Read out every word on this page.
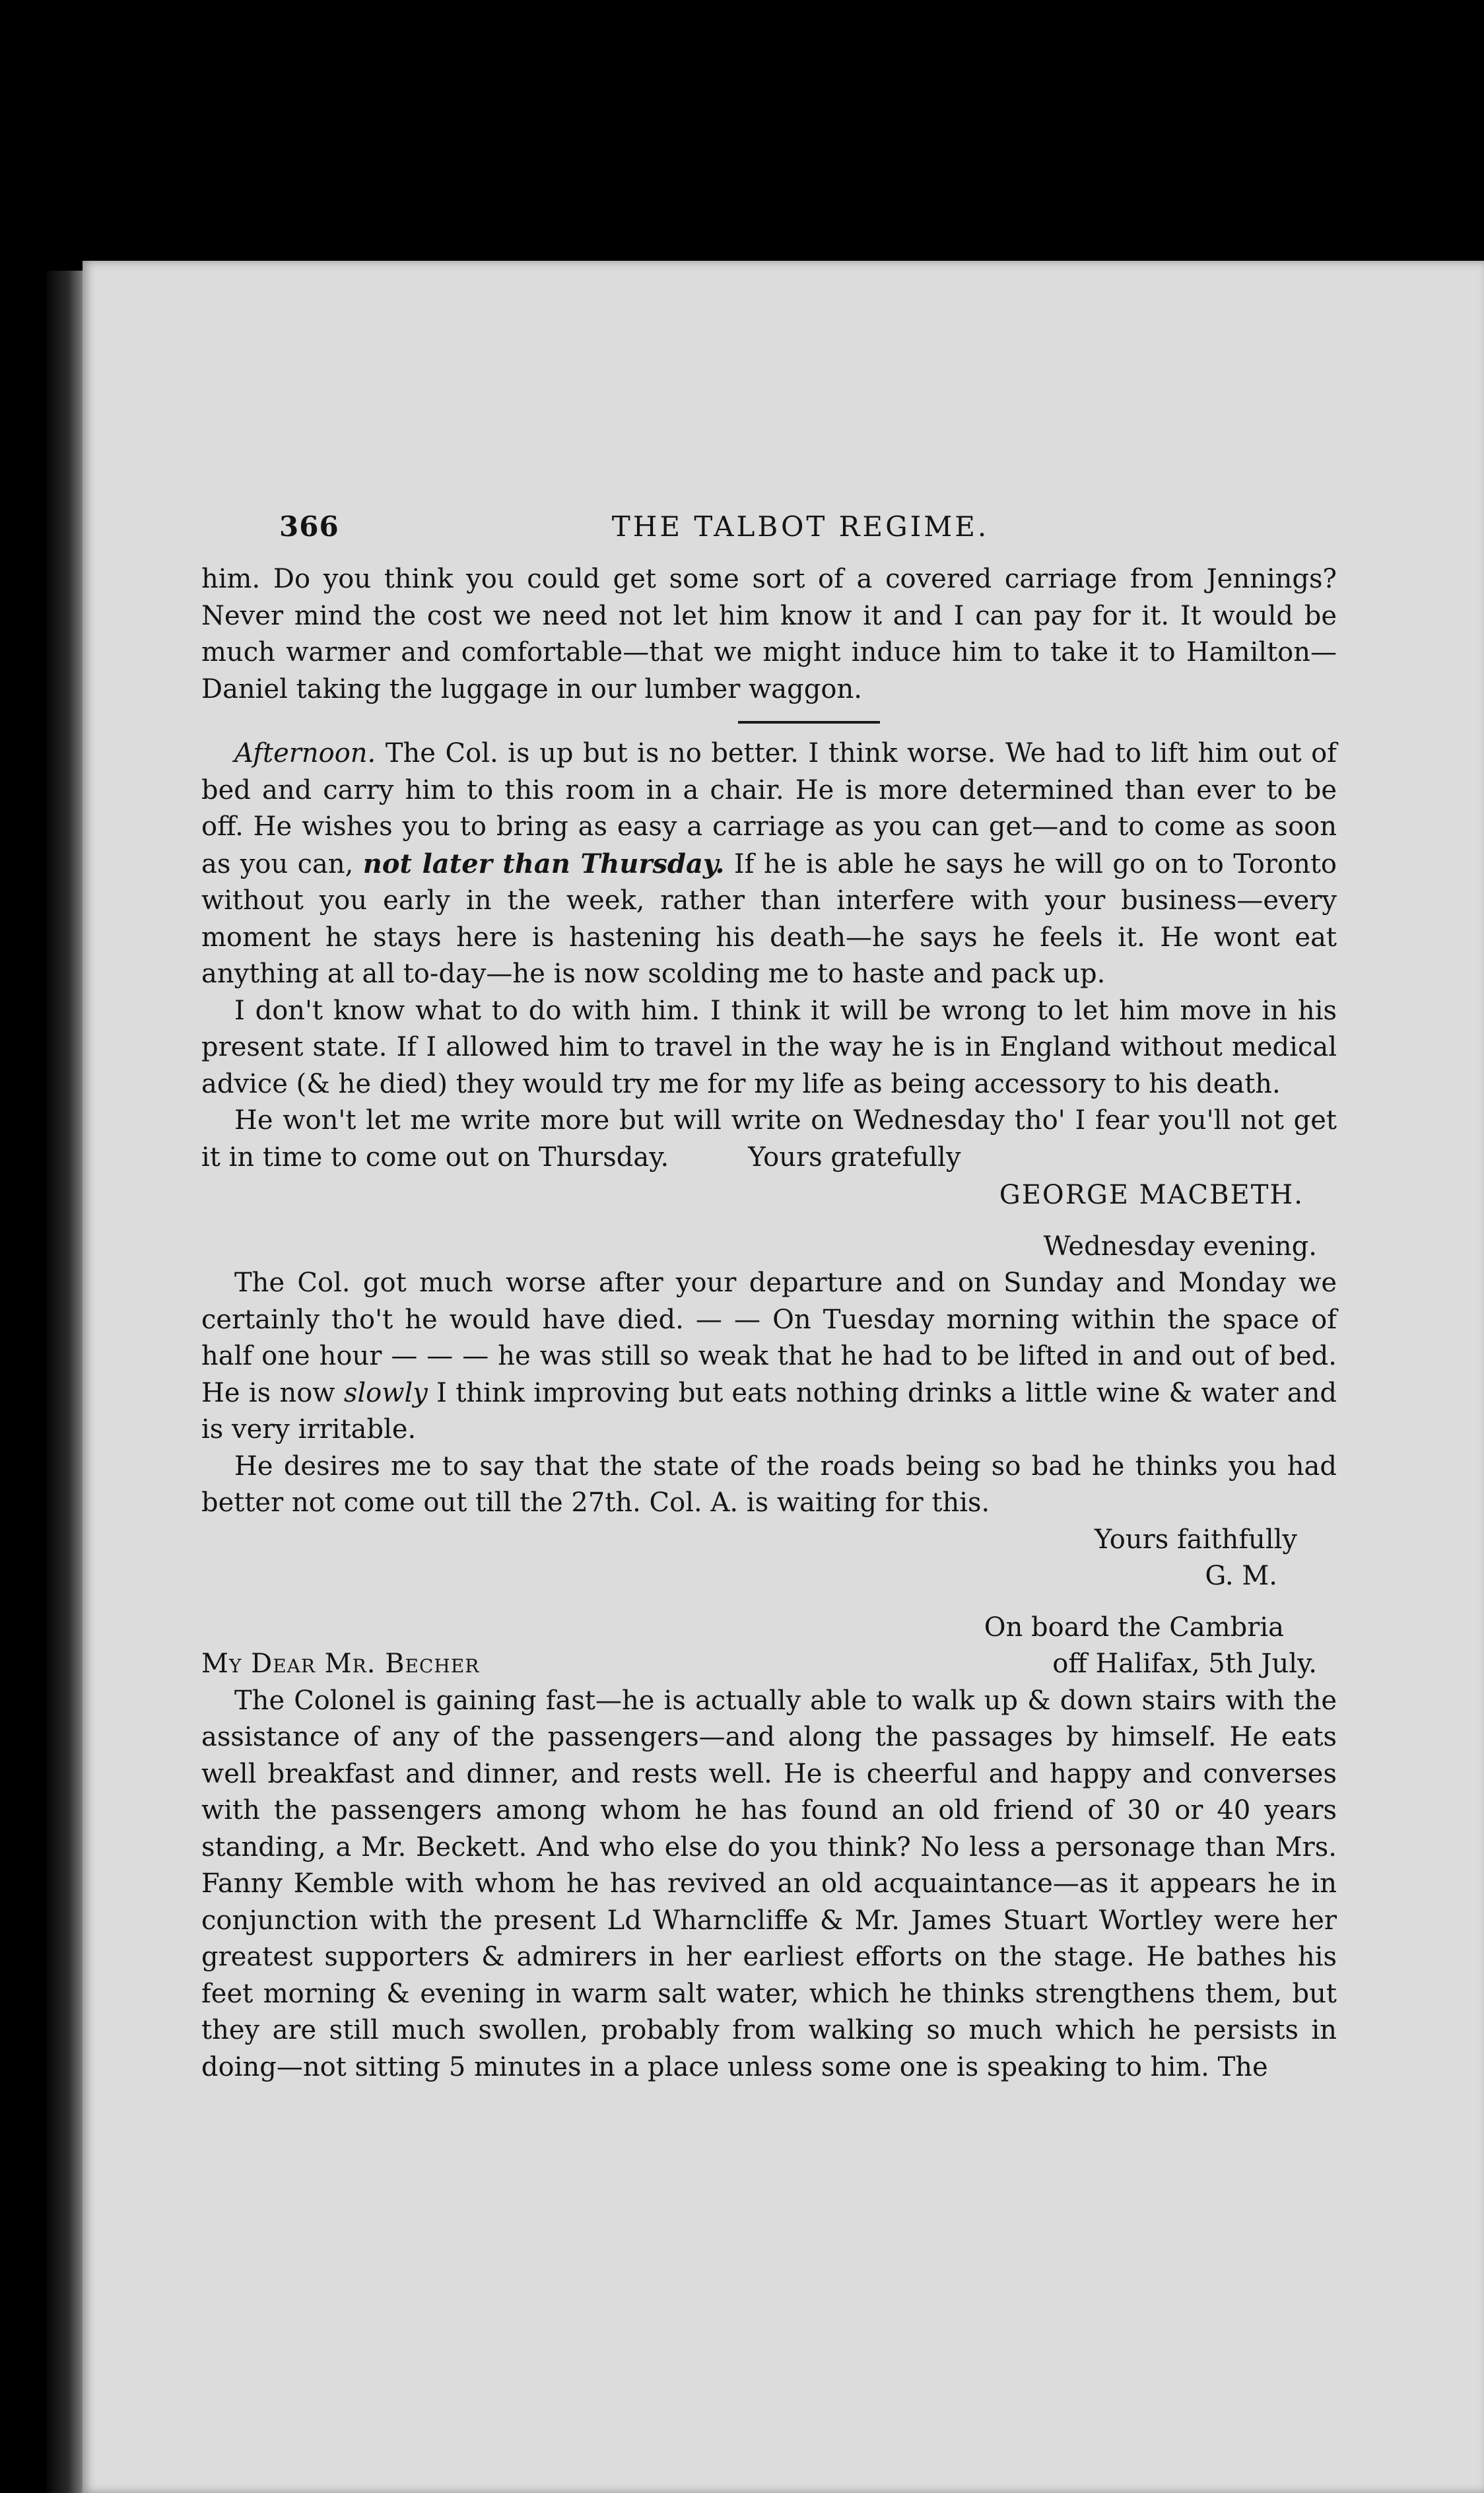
366	THE TALBOT REGIME.

him. Do you think you could get some sort of a covered carriage from Jennings? Never mind the cost we need not let him know it and I can pay for it. It would be much warmer and comfortable—that we might induce him to take it to Hamilton—Daniel taking the luggage in our lumber waggon.

Afternoon. The Col. is up but is no better. I think worse. We had to lift him out of bed and carry him to this room in a chair. He is more determined than ever to be off. He wishes you to bring as easy a carriage as you can get—and to come as soon as you can, not later than Thursday. If he is able he says he will go on to Toronto without you early in the week, rather than interfere with your business—every moment he stays here is hastening his death—he says he feels it. He wont eat anything at all to-day—he is now scolding me to haste and pack up.

I don't know what to do with him. I think it will be wrong to let him move in his present state. If I allowed him to travel in the way he is in England without medical advice (& he died) they would try me for my life as being accessory to his death.

He won't let me write more but will write on Wednesday tho' I fear you'll not get it in time to come out on Thursday.	Yours gratefully

GEORGE MACBETH.

Wednesday evening.

The Col. got much worse after your departure and on Sunday and Monday we certainly tho't he would have died. — — On Tuesday morning within the space of half one hour — — — he was still so weak that he had to be lifted in and out of bed. He is now slowly I think improving but eats nothing drinks a little wine & water and is very irritable.

He desires me to say that the state of the roads being so bad he thinks you had better not come out till the 27th. Col. A. is waiting for this.

Yours faithfully

G. M.

On board the Cambria

My Dear Mr. Becher	off Halifax, 5th July.

The Colonel is gaining fast—he is actually able to walk up & down stairs with the assistance of any of the passengers—and along the passages by himself. He eats well breakfast and dinner, and rests well. He is cheerful and happy and converses with the passengers among whom he has found an old friend of 30 or 40 years standing, a Mr. Beckett. And who else do you think? No less a personage than Mrs. Fanny Kemble with whom he has revived an old acquaintance—as it appears he in conjunction with the present Ld Wharncliffe & Mr. James Stuart Wortley were her greatest supporters & admirers in her earliest efforts on the stage. He bathes his feet morning & evening in warm salt water, which he thinks strengthens them, but they are still much swollen, probably from walking so much which he persists in doing—not sitting 5 minutes in a place unless some one is speaking to him. The
